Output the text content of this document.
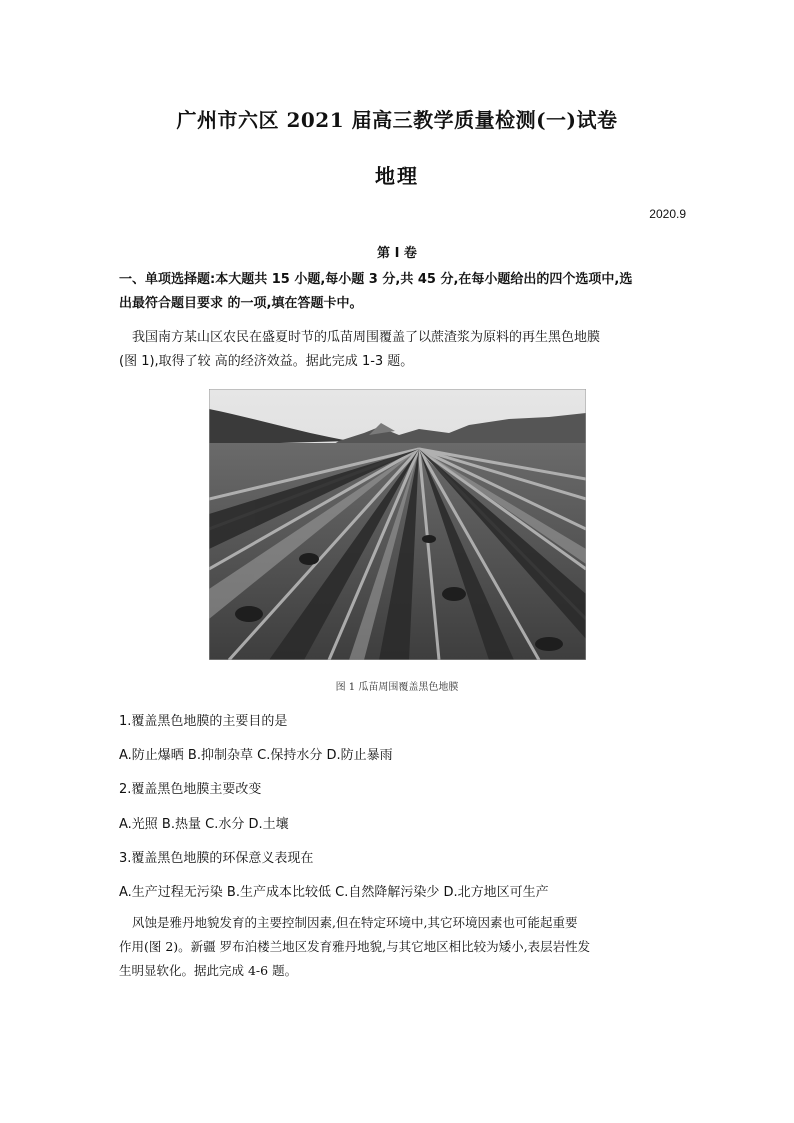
广州市六区 2021 届高三教学质量检测(一)试卷
地理
2020.9
第 I 卷
一、单项选择题:本大题共 15 小题,每小题 3 分,共 45 分,在每小题给出的四个选项中,选
出最符合题目要求 的一项,填在答题卡中。
我国南方某山区农民在盛夏时节的瓜苗周围覆盖了以蔗渣浆为原料的再生黑色地膜
(图 1),取得了较 高的经济效益。据此完成 1-3 题。
图 1 瓜苗周围覆盖黑色地膜
1.覆盖黑色地膜的主要目的是
A.防止爆晒 B.抑制杂草 C.保持水分 D.防止暴雨
2.覆盖黑色地膜主要改变
A.光照 B.热量 C.水分 D.土壤
3.覆盖黑色地膜的环保意义表现在
A.生产过程无污染 B.生产成本比较低 C.自然降解污染少 D.北方地区可生产
风蚀是雅丹地貌发育的主要控制因素,但在特定环境中,其它环境因素也可能起重要
作用(图 2)。新疆 罗布泊楼兰地区发育雅丹地貌,与其它地区相比较为矮小,表层岩性发
生明显软化。据此完成 4-6 题。
